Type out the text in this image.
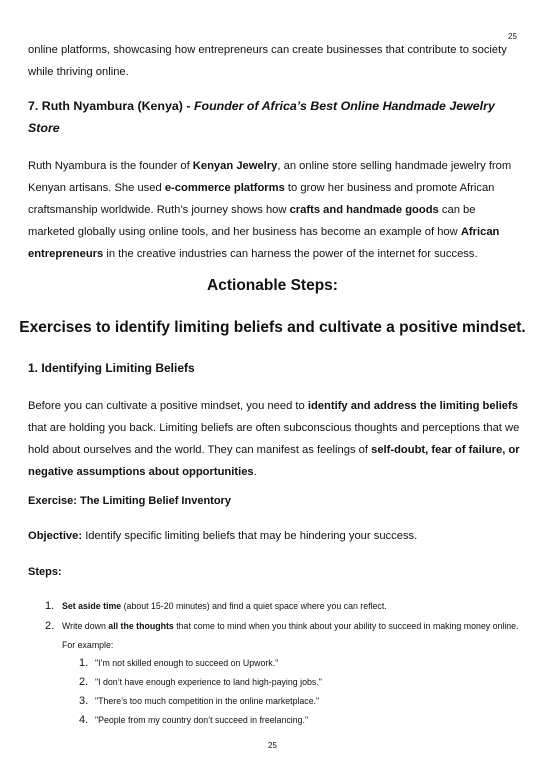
25
online platforms, showcasing how entrepreneurs can create businesses that contribute to society while thriving online.
7. Ruth Nyambura (Kenya) - Founder of Africa’s Best Online Handmade Jewelry Store
Ruth Nyambura is the founder of Kenyan Jewelry, an online store selling handmade jewelry from Kenyan artisans. She used e-commerce platforms to grow her business and promote African craftsmanship worldwide. Ruth’s journey shows how crafts and handmade goods can be marketed globally using online tools, and her business has become an example of how African entrepreneurs in the creative industries can harness the power of the internet for success.
Actionable Steps:
Exercises to identify limiting beliefs and cultivate a positive mindset.
1. Identifying Limiting Beliefs
Before you can cultivate a positive mindset, you need to identify and address the limiting beliefs that are holding you back. Limiting beliefs are often subconscious thoughts and perceptions that we hold about ourselves and the world. They can manifest as feelings of self-doubt, fear of failure, or negative assumptions about opportunities.
Exercise: The Limiting Belief Inventory
Objective: Identify specific limiting beliefs that may be hindering your success.
Steps:
1. Set aside time (about 15-20 minutes) and find a quiet space where you can reflect.
2. Write down all the thoughts that come to mind when you think about your ability to succeed in making money online. For example:
1. "I’m not skilled enough to succeed on Upwork."
2. "I don’t have enough experience to land high-paying jobs."
3. "There’s too much competition in the online marketplace."
4. "People from my country don’t succeed in freelancing."
25
